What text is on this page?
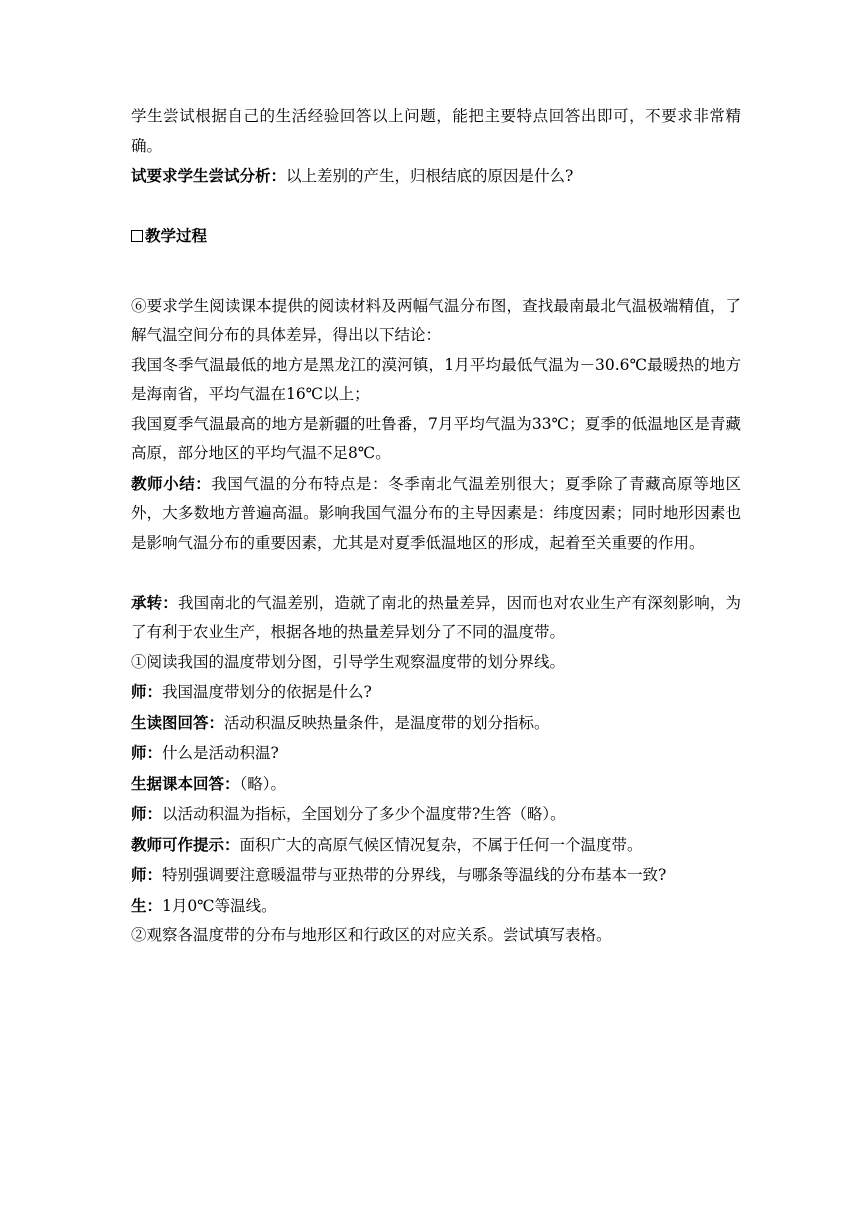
学生尝试根据自己的生活经验回答以上问题，能把主要特点回答出即可，不要求非常精确。

试要求学生尝试分析：以上差别的产生，归根结底的原因是什么?

教学过程

⑥要求学生阅读课本提供的阅读材料及两幅气温分布图，查找最南最北气温极端精值，了解气温空间分布的具体差异，得出以下结论：

我国冬季气温最低的地方是黑龙江的漠河镇，1月平均最低气温为－30.6℃最暖热的地方是海南省，平均气温在16℃以上；

我国夏季气温最高的地方是新疆的吐鲁番，7月平均气温为33℃；夏季的低温地区是青藏高原，部分地区的平均气温不足8℃。

教师小结：我国气温的分布特点是：冬季南北气温差别很大；夏季除了青藏高原等地区外，大多数地方普遍高温。影响我国气温分布的主导因素是：纬度因素；同时地形因素也是影响气温分布的重要因素，尤其是对夏季低温地区的形成，起着至关重要的作用。

承转：我国南北的气温差别，造就了南北的热量差异，因而也对农业生产有深刻影响，为了有利于农业生产，根据各地的热量差异划分了不同的温度带。

①阅读我国的温度带划分图，引导学生观察温度带的划分界线。

师：我国温度带划分的依据是什么?

生读图回答：活动积温反映热量条件，是温度带的划分指标。

师：什么是活动积温?

生据课本回答：（略）。

师：以活动积温为指标，全国划分了多少个温度带?生答（略）。

教师可作提示：面积广大的高原气候区情况复杂，不属于任何一个温度带。

师：特别强调要注意暖温带与亚热带的分界线，与哪条等温线的分布基本一致?

生：1月0℃等温线。

②观察各温度带的分布与地形区和行政区的对应关系。尝试填写表格。
